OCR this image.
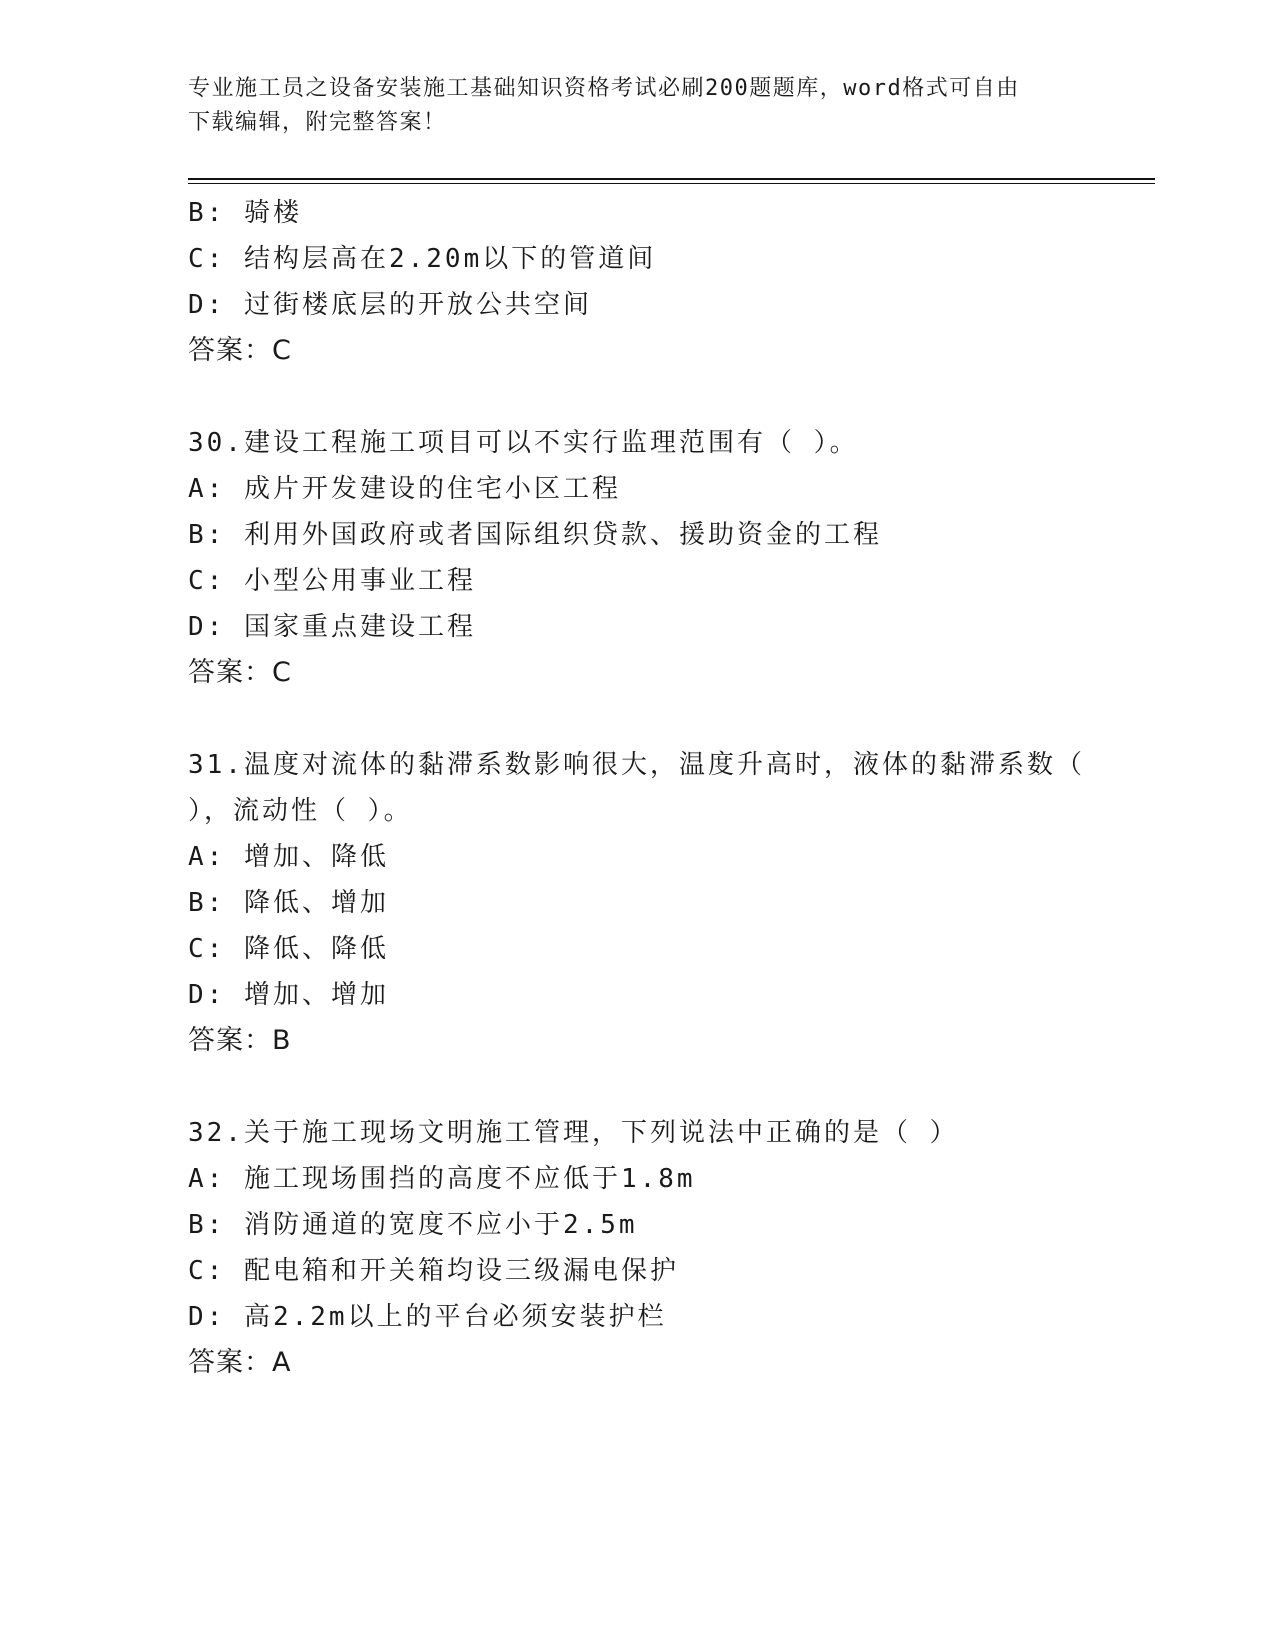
专业施工员之设备安装施工基础知识资格考试必刷200题题库，word格式可自由
下载编辑，附完整答案！
B: 骑楼
C: 结构层高在2.20m以下的管道间
D: 过街楼底层的开放公共空间
答案：C
30.建设工程施工项目可以不实行监理范围有（ ）。
A: 成片开发建设的住宅小区工程
B: 利用外国政府或者国际组织贷款、援助资金的工程
C: 小型公用事业工程
D: 国家重点建设工程
答案：C
31.温度对流体的黏滞系数影响很大，温度升高时，液体的黏滞系数（
），流动性（ ）。
A: 增加、降低
B: 降低、增加
C: 降低、降低
D: 增加、增加
答案：B
32.关于施工现场文明施工管理，下列说法中正确的是（ ）
A: 施工现场围挡的高度不应低于1.8m
B: 消防通道的宽度不应小于2.5m
C: 配电箱和开关箱均设三级漏电保护
D: 高2.2m以上的平台必须安装护栏
答案：A
